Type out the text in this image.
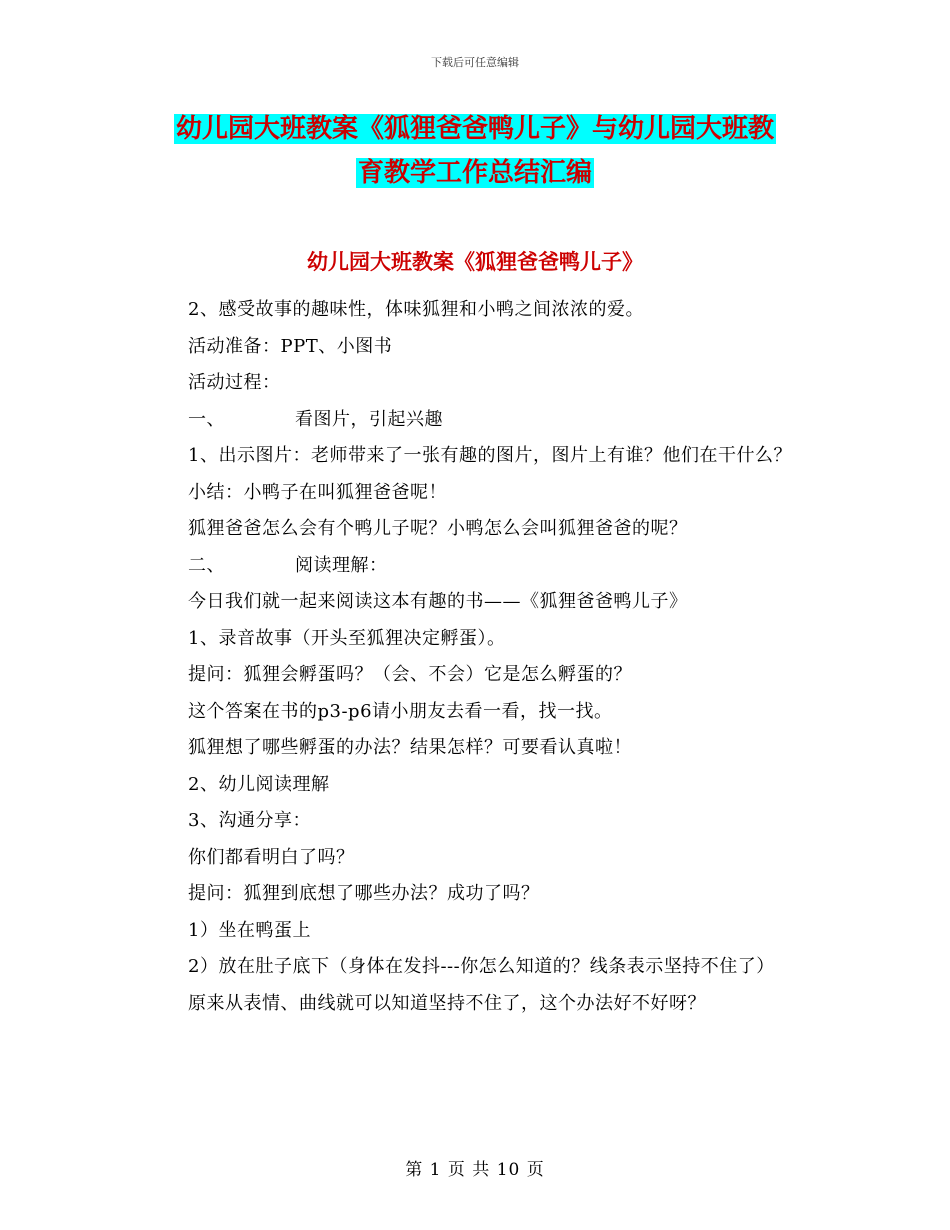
下载后可任意编辑
幼儿园大班教案《狐狸爸爸鸭儿子》与幼儿园大班教
育教学工作总结汇编
幼儿园大班教案《狐狸爸爸鸭儿子》

2、感受故事的趣味性，体味狐狸和小鸭之间浓浓的爱。

活动准备：PPT、小图书

活动过程：

一、	看图片，引起兴趣

1、出示图片：老师带来了一张有趣的图片，图片上有谁？他们在干什么？

小结：小鸭子在叫狐狸爸爸呢！

狐狸爸爸怎么会有个鸭儿子呢？小鸭怎么会叫狐狸爸爸的呢？

二、	阅读理解：

今日我们就一起来阅读这本有趣的书——《狐狸爸爸鸭儿子》

1、录音故事（开头至狐狸决定孵蛋）。

提问：狐狸会孵蛋吗？（会、不会）它是怎么孵蛋的？

这个答案在书的p3-p6请小朋友去看一看，找一找。

狐狸想了哪些孵蛋的办法？结果怎样？可要看认真啦！

2、幼儿阅读理解

3、沟通分享：

你们都看明白了吗？

提问：狐狸到底想了哪些办法？成功了吗？

1）坐在鸭蛋上

2）放在肚子底下（身体在发抖---你怎么知道的？线条表示坚持不住了）

原来从表情、曲线就可以知道坚持不住了，这个办法好不好呀？

第 1 页 共 10 页
